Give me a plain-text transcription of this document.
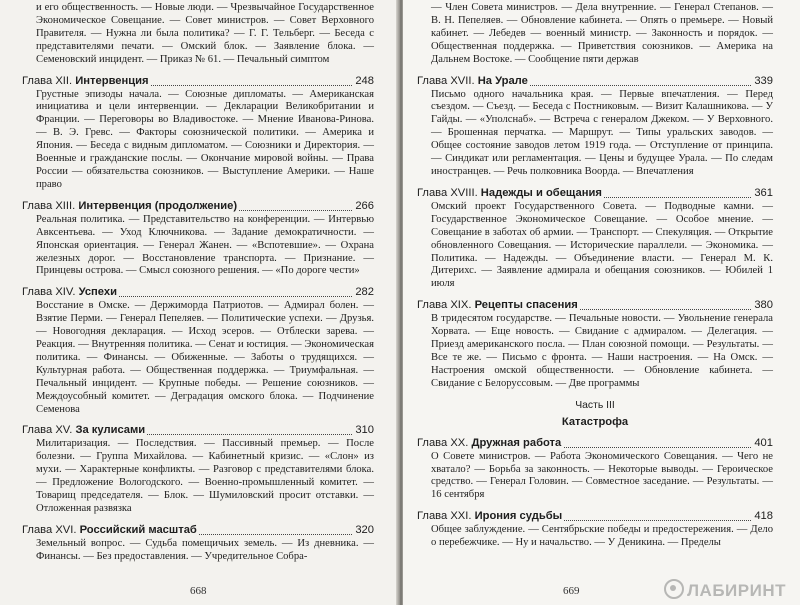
и его общественность. — Новые люди. — Чрезвычайное Государственное Экономическое Совещание. — Совет министров. — Совет Верховного Правителя. — Нужна ли была политика? — Г. Г. Тельберг. — Беседа с представителями печати. — Омский блок. — Заявление блока. — Семеновский инцидент. — Приказ № 61. — Печальный симптом
Глава XII. Интервенция	248
Грустные эпизоды начала. — Союзные дипломаты. — Американская инициатива и цели интервенции. — Декларации Великобритании и Франции. — Переговоры во Владивостоке. — Мнение Иванова-Ринова. — В. Э. Гревс. — Факторы союзнической политики. — Америка и Япония. — Беседа с видным дипломатом. — Союзники и Директория. — Военные и гражданские послы. — Окончание мировой войны. — Права России — обязательства союзников. — Выступление Америки. — Наше право
Глава XIII. Интервенция (продолжение)	266
Реальная политика. — Представительство на конференции. — Интервью Авксентьева. — Уход Ключникова. — Задание демократичности. — Японская ориентация. — Генерал Жанен. — «Вспотевшие». — Охрана железных дорог. — Восстановление транспорта. — Признание. — Принцевы острова. — Смысл союзного решения. — «По дороге чести»
Глава XIV. Успехи	282
Восстание в Омске. — Держиморда Патриотов. — Адмирал болен. — Взятие Перми. — Генерал Пепеляев. — Политические успехи. — Друзья. — Новогодняя декларация. — Исход эсеров. — Отблески зарева. — Реакция. — Внутренняя политика. — Сенат и юстиция. — Экономическая политика. — Финансы. — Обиженные. — Заботы о трудящихся. — Культурная работа. — Общественная поддержка. — Триумфальная. — Печальный инцидент. — Крупные победы. — Решение союзников. — Междоусобный комитет. — Деградация омского блока. — Подчинение Семенова
Глава XV. За кулисами	310
Милитаризация. — Последствия. — Пассивный премьер. — После болезни. — Группа Михайлова. — Кабинетный кризис. — «Слон» из мухи. — Характерные конфликты. — Разговор с представителями блока. — Предложение Вологодского. — Военно-промышленный комитет. — Товарищ председателя. — Блок. — Шумиловский просит отставки. — Отложенная развязка
Глава XVI. Российский масштаб	320
Земельный вопрос. — Судьба помещичьих земель. — Из дневника. — Финансы. — Без предоставления. — Учредительное Собра-
668
— Член Совета министров. — Дела внутренние. — Генерал Степанов. — В. Н. Пепеляев. — Обновление кабинета. — Опять о премьере. — Новый кабинет. — Лебедев — военный министр. — Законность и порядок. — Общественная поддержка. — Приветствия союзников. — Америка на Дальнем Востоке. — Сообщение пяти держав
Глава XVII. На Урале	339
Письмо одного начальника края. — Первые впечатления. — Перед съездом. — Съезд. — Беседа с Постниковым. — Визит Калашникова. — У Гайды. — «Уполснаб». — Встреча с генералом Джеком. — У Верховного. — Брошенная перчатка. — Маршрут. — Типы уральских заводов. — Общее состояние заводов летом 1919 года. — Отступление от принципа. — Синдикат или регламентация. — Цены и будущее Урала. — По следам иностранцев. — Речь полковника Воорда. — Впечатления
Глава XVIII. Надежды и обещания	361
Омский проект Государственного Совета. — Подводные камни. — Государственное Экономическое Совещание. — Особое мнение. — Совещание в заботах об армии. — Транспорт. — Спекуляция. — Открытие обновленного Совещания. — Исторические параллели. — Экономика. — Политика. — Надежды. — Объединение власти. — Генерал М. К. Дитерихс. — Заявление адмирала и обещания союзников. — Юбилей 1 июля
Глава XIX. Рецепты спасения	380
В тридесятом государстве. — Печальные новости. — Увольнение генерала Хорвата. — Еще новость. — Свидание с адмиралом. — Делегация. — Приезд американского посла. — План союзной помощи. — Результаты. — Все те же. — Письмо с фронта. — Наши настроения. — На Омск. — Настроения омской общественности. — Обновление кабинета. — Свидание с Белоруссовым. — Две программы
Часть III
Катастрофа
Глава XX. Дружная работа	401
О Совете министров. — Работа Экономического Совещания. — Чего не хватало? — Борьба за законность. — Некоторые выводы. — Героическое средство. — Генерал Головин. — Совместное заседание. — Результаты. — 16 сентября
Глава XXI. Ирония судьбы	418
Общее заблуждение. — Сентябрьские победы и предостережения. — Дело о перебежчике. — Ну и начальство. — У Деникина. — Пределы
669	ЛАБИРИНТ
